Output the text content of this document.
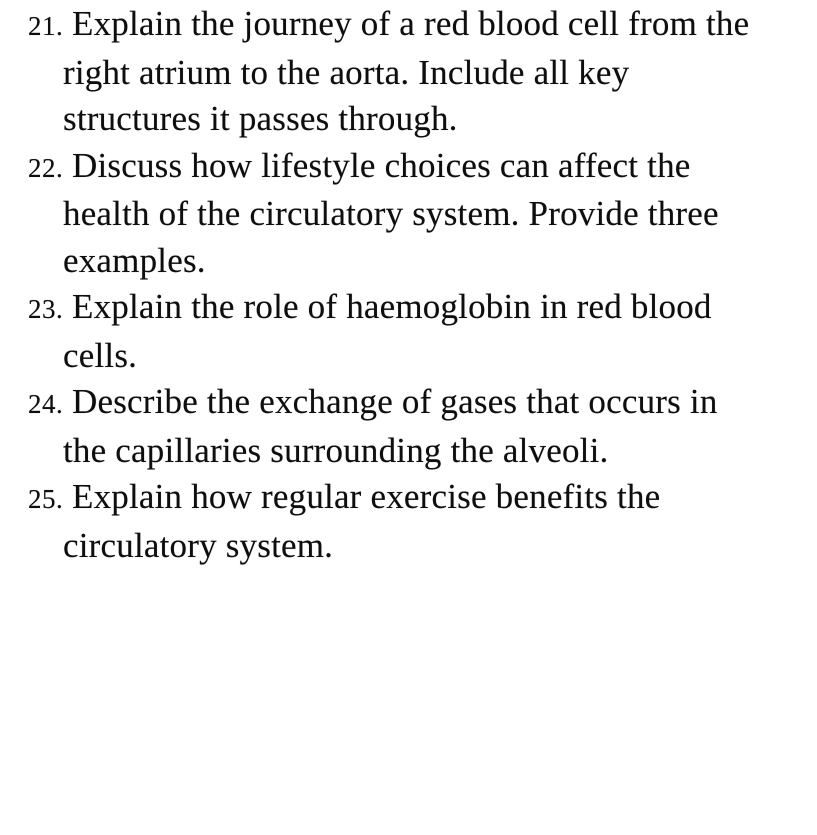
21. Explain the journey of a red blood cell from the
right atrium to the aorta. Include all key
structures it passes through.
22. Discuss how lifestyle choices can affect the
health of the circulatory system. Provide three
examples.
23. Explain the role of haemoglobin in red blood
cells.
24. Describe the exchange of gases that occurs in
the capillaries surrounding the alveoli.
25. Explain how regular exercise benefits the
circulatory system.
